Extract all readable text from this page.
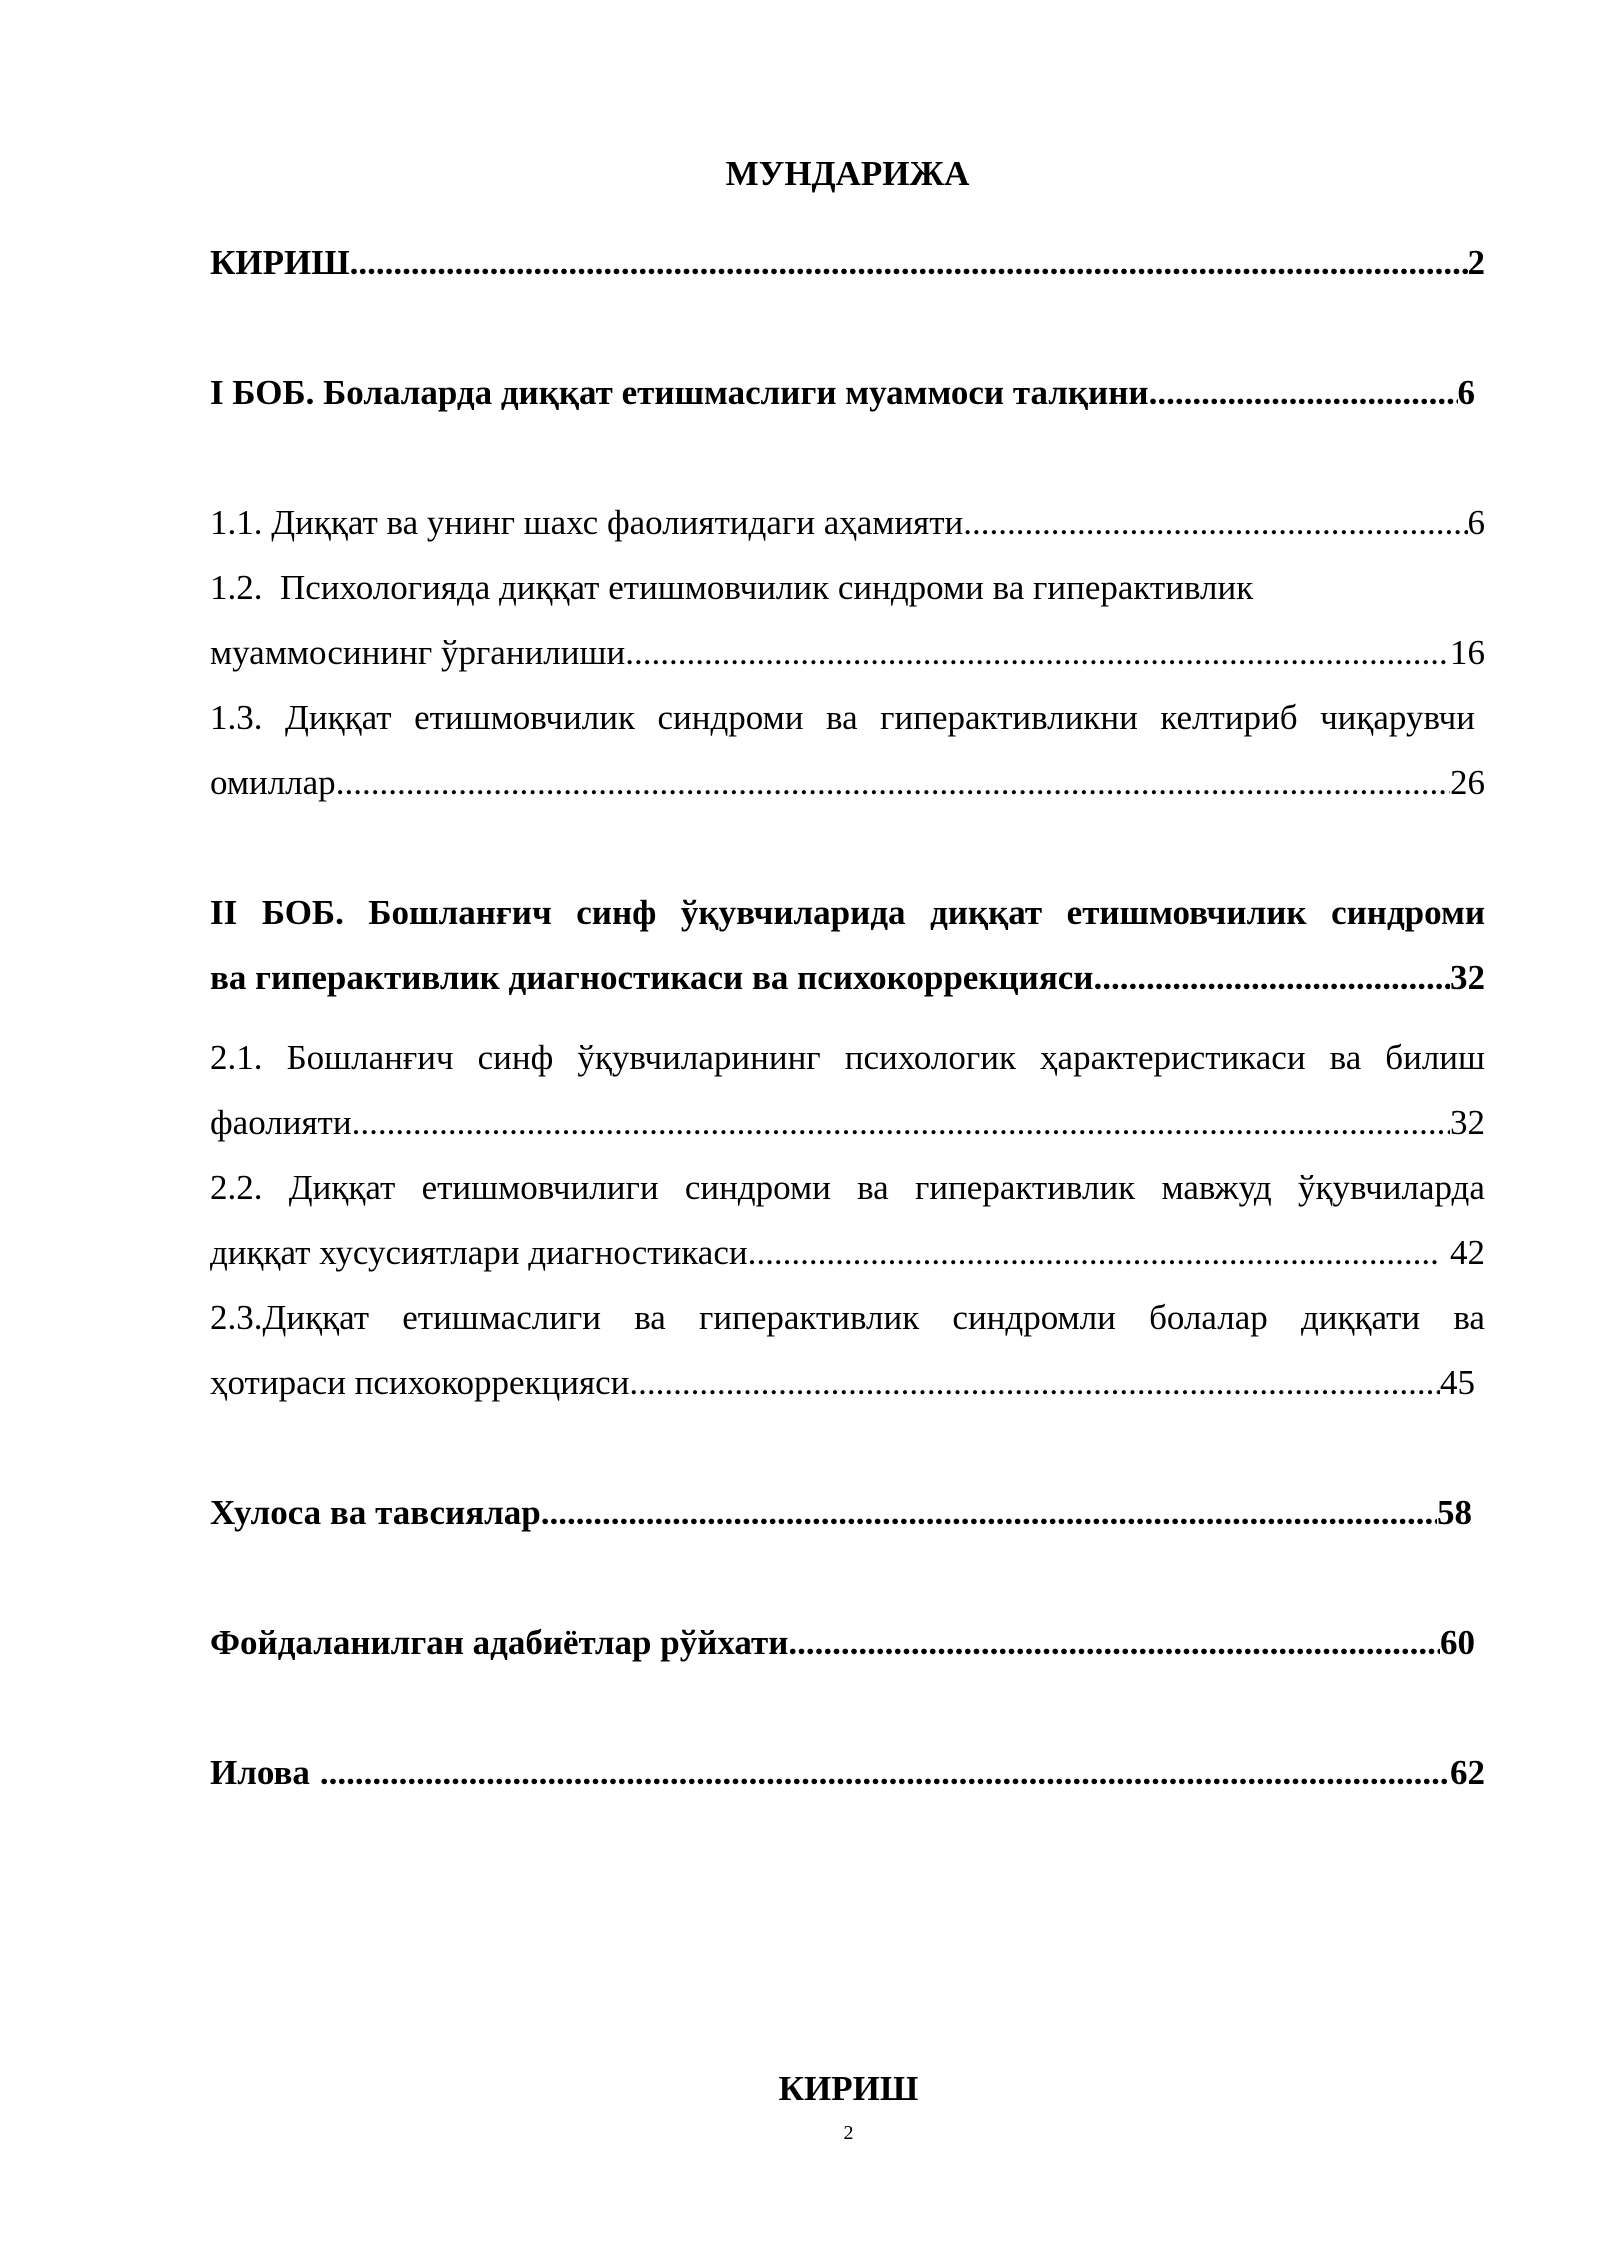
МУНДАРИЖА
КИРИШ .....	2
I БОБ. Болаларда диққат етишмаслиги муаммоси талқини .....	6
1.1. Диққат ва унинг шахс фаолиятидаги аҳамияти .....	6
1.2. Психологияда диққат етишмовчилик синдроми ва гиперактивлик
муаммосининг ўрганилиши .....	16
1.3. Диққат етишмовчилик синдроми ва гиперактивликни келтириб чиқарувчи
омиллар .....	26
II БОБ. Бошланғич синф ўқувчиларида диққат етишмовчилик синдроми
ва гиперактивлик диагностикаси ва психокоррекцияси .....	32
2.1. Бошланғич синф ўқувчиларининг психологик ҳарактеристикаси ва билиш
фаолияти .....	32
2.2. Диққат етишмовчилиги синдроми ва гиперактивлик мавжуд ўқувчиларда
диққат хусусиятлари диагностикаси .....	42
2.3.Диққат етишмаслиги ва гиперактивлик синдромли болалар диққати ва
ҳотираси психокоррекцияси .....	45
Хулоса ва тавсиялар .....	58
Фойдаланилган адабиётлар рўйхати .....	60
Илова .....	62
КИРИШ
2
